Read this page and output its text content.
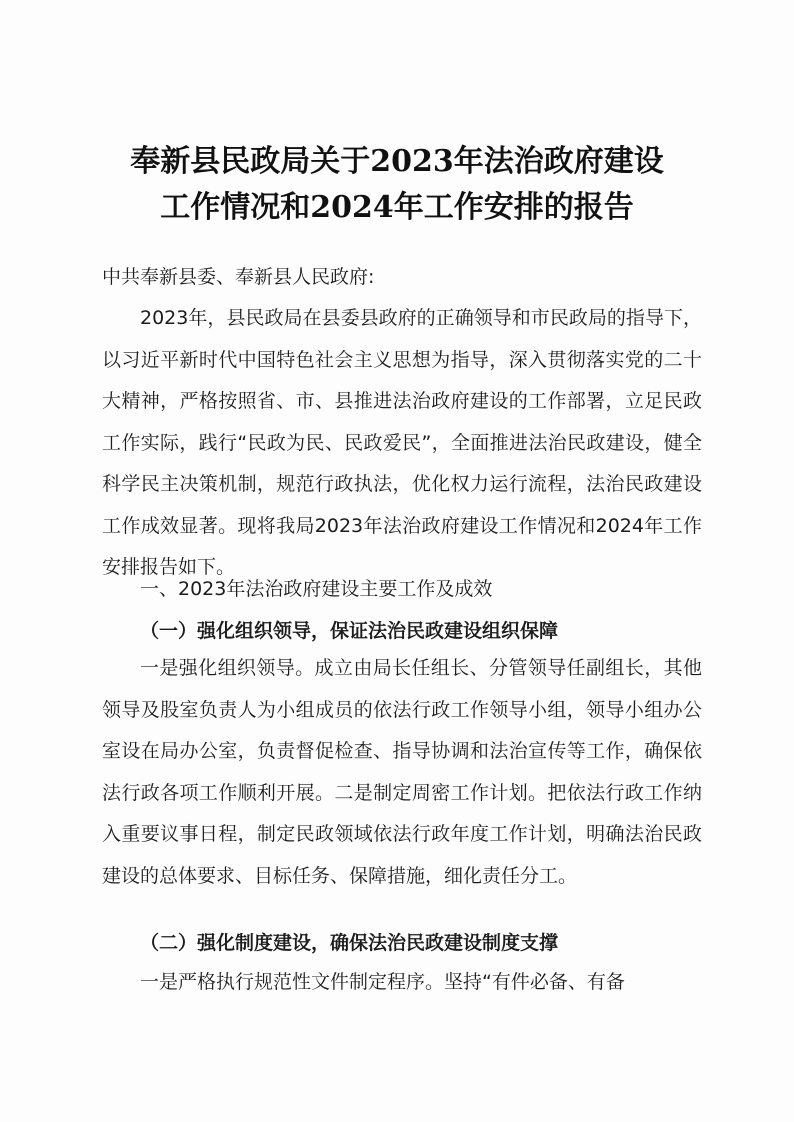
奉新县民政局关于2023年法治政府建设
工作情况和2024年工作安排的报告

中共奉新县委、奉新县人民政府:

2023年，县民政局在县委县政府的正确领导和市民政局的指导下，以习近平新时代中国特色社会主义思想为指导，深入贯彻落实党的二十大精神，严格按照省、市、县推进法治政府建设的工作部署，立足民政工作实际，践行“民政为民、民政爱民”，全面推进法治民政建设，健全科学民主决策机制，规范行政执法，优化权力运行流程，法治民政建设工作成效显著。现将我局2023年法治政府建设工作情况和2024年工作安排报告如下。

一、2023年法治政府建设主要工作及成效

（一）强化组织领导，保证法治民政建设组织保障

一是强化组织领导。成立由局长任组长、分管领导任副组长，其他领导及股室负责人为小组成员的依法行政工作领导小组，领导小组办公室设在局办公室，负责督促检查、指导协调和法治宣传等工作，确保依法行政各项工作顺利开展。二是制定周密工作计划。把依法行政工作纳入重要议事日程，制定民政领域依法行政年度工作计划，明确法治民政建设的总体要求、目标任务、保障措施，细化责任分工。

（二）强化制度建设，确保法治民政建设制度支撑

一是严格执行规范性文件制定程序。坚持“有件必备、有备
